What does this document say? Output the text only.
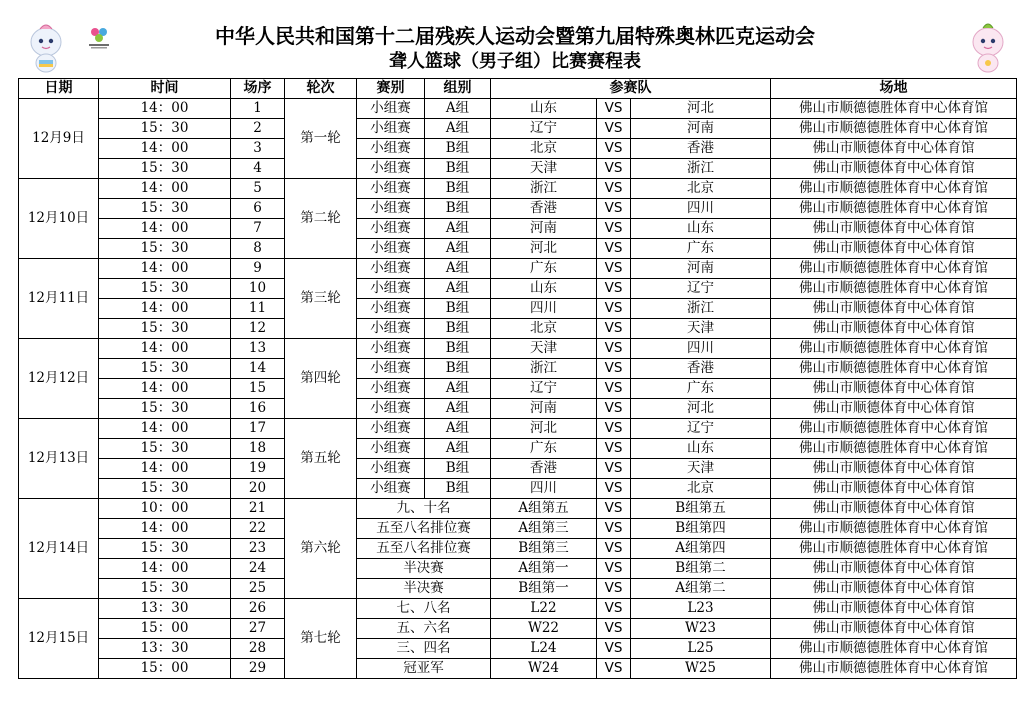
中华人民共和国第十二届残疾人运动会暨第九届特殊奥林匹克运动会
聋人篮球（男子组）比赛赛程表
日期	时间	场序	轮次	赛别	组别	参赛队			场地
12月9日	14：00	1	第一轮	小组赛	A组	山东	VS	河北	佛山市顺德德胜体育中心体育馆
	15：30	2		小组赛	A组	辽宁	VS	河南	佛山市顺德德胜体育中心体育馆
	14：00	3		小组赛	B组	北京	VS	香港	佛山市顺德体育中心体育馆
	15：30	4		小组赛	B组	天津	VS	浙江	佛山市顺德体育中心体育馆
12月10日	14：00	5	第二轮	小组赛	B组	浙江	VS	北京	佛山市顺德德胜体育中心体育馆
	15：30	6		小组赛	B组	香港	VS	四川	佛山市顺德德胜体育中心体育馆
	14：00	7		小组赛	A组	河南	VS	山东	佛山市顺德体育中心体育馆
	15：30	8		小组赛	A组	河北	VS	广东	佛山市顺德体育中心体育馆
12月11日	14：00	9	第三轮	小组赛	A组	广东	VS	河南	佛山市顺德德胜体育中心体育馆
	15：30	10		小组赛	A组	山东	VS	辽宁	佛山市顺德德胜体育中心体育馆
	14：00	11		小组赛	B组	四川	VS	浙江	佛山市顺德体育中心体育馆
	15：30	12		小组赛	B组	北京	VS	天津	佛山市顺德体育中心体育馆
12月12日	14：00	13	第四轮	小组赛	B组	天津	VS	四川	佛山市顺德德胜体育中心体育馆
	15：30	14		小组赛	B组	浙江	VS	香港	佛山市顺德德胜体育中心体育馆
	14：00	15		小组赛	A组	辽宁	VS	广东	佛山市顺德体育中心体育馆
	15：30	16		小组赛	A组	河南	VS	河北	佛山市顺德体育中心体育馆
12月13日	14：00	17	第五轮	小组赛	A组	河北	VS	辽宁	佛山市顺德德胜体育中心体育馆
	15：30	18		小组赛	A组	广东	VS	山东	佛山市顺德德胜体育中心体育馆
	14：00	19		小组赛	B组	香港	VS	天津	佛山市顺德体育中心体育馆
	15：30	20		小组赛	B组	四川	VS	北京	佛山市顺德体育中心体育馆
12月14日	10：00	21	第六轮	九、十名		A组第五	VS	B组第五	佛山市顺德体育中心体育馆
	14：00	22		五至八名排位赛		A组第三	VS	B组第四	佛山市顺德德胜体育中心体育馆
	15：30	23		五至八名排位赛		B组第三	VS	A组第四	佛山市顺德德胜体育中心体育馆
	14：00	24		半决赛		A组第一	VS	B组第二	佛山市顺德体育中心体育馆
	15：30	25		半决赛		B组第一	VS	A组第二	佛山市顺德体育中心体育馆
12月15日	13：30	26	第七轮	七、八名		L22	VS	L23	佛山市顺德体育中心体育馆
	15：00	27		五、六名		W22	VS	W23	佛山市顺德体育中心体育馆
	13：30	28		三、四名		L24	VS	L25	佛山市顺德德胜体育中心体育馆
	15：00	29		冠亚军		W24	VS	W25	佛山市顺德德胜体育中心体育馆
